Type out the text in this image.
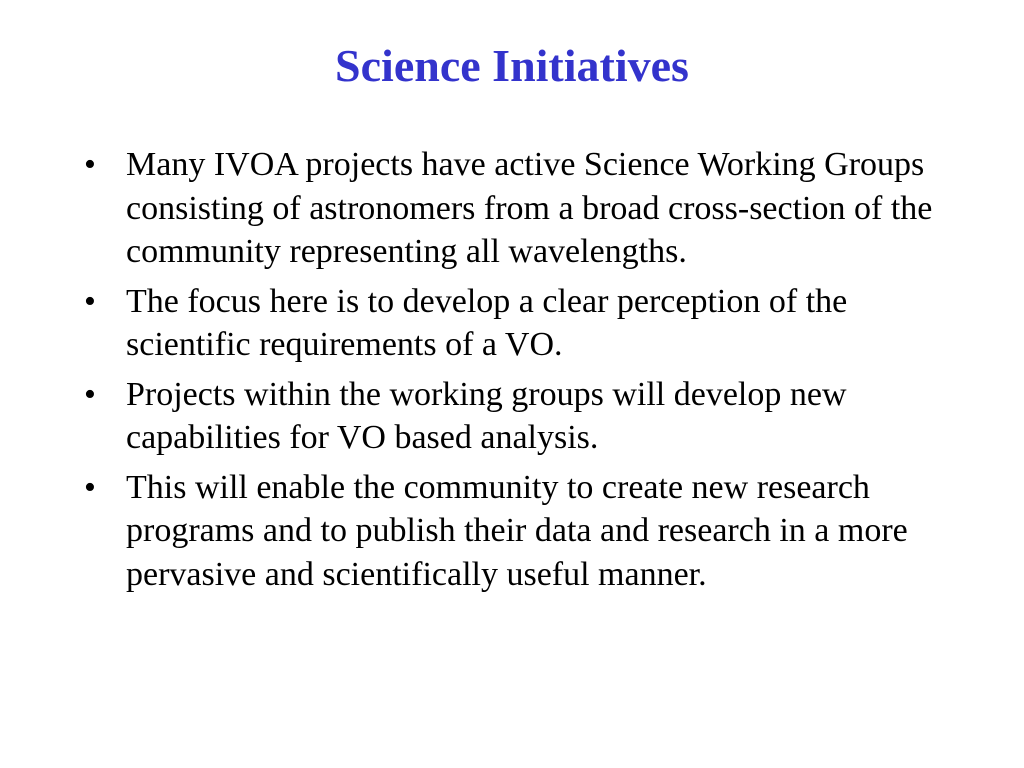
Science Initiatives
• Many IVOA projects have active Science Working Groups consisting of astronomers from a broad cross-section of the community representing all wavelengths.
• The focus here is to develop a clear perception of the scientific requirements of a VO.
• Projects within the working groups will develop new capabilities for VO based analysis.
• This will enable the community to create new research programs and to publish their data and research in a more pervasive and scientifically useful manner.
